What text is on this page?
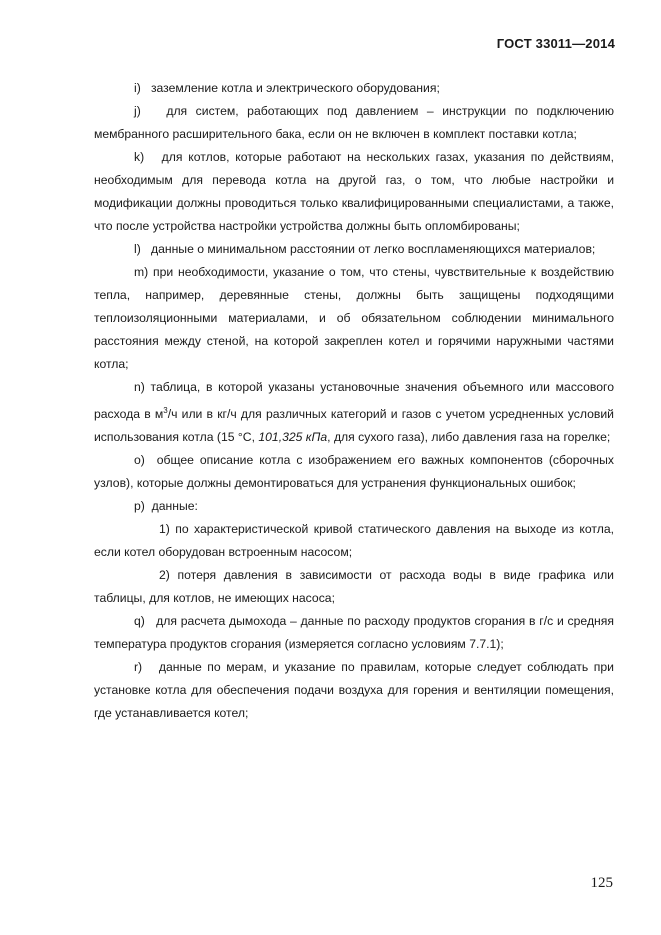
ГОСТ 33011—2014

i) заземление котла и электрического оборудования;

j) для систем, работающих под давлением – инструкции по подключению мембранного расширительного бака, если он не включен в комплект поставки котла;

k) для котлов, которые работают на нескольких газах, указания по действиям, необходимым для перевода котла на другой газ, о том, что любые настройки и модификации должны проводиться только квалифицированными специалистами, а также, что после устройства настройки устройства должны быть опломбированы;

l) данные о минимальном расстоянии от легко воспламеняющихся материалов;

m) при необходимости, указание о том, что стены, чувствительные к воздействию тепла, например, деревянные стены, должны быть защищены подходящими теплоизоляционными материалами, и об обязательном соблюдении минимального расстояния между стеной, на которой закреплен котел и горячими наружными частями котла;

n) таблица, в которой указаны установочные значения объемного или массового расхода в $м^3/ч$ или в кг/ч для различных категорий и газов с учетом усредненных условий использования котла (15 °С, 101,325 кПа, для сухого газа), либо давления газа на горелке;

o) общее описание котла с изображением его важных компонентов (сборочных узлов), которые должны демонтироваться для устранения функциональных ошибок;

p) данные:

1) по характеристической кривой статического давления на выходе из котла, если котел оборудован встроенным насосом;

2) потеря давления в зависимости от расхода воды в виде графика или таблицы, для котлов, не имеющих насоса;

q) для расчета дымохода – данные по расходу продуктов сгорания в г/с и средняя температура продуктов сгорания (измеряется согласно условиям 7.7.1);

r) данные по мерам, и указание по правилам, которые следует соблюдать при установке котла для обеспечения подачи воздуха для горения и вентиляции помещения, где устанавливается котел;

125
